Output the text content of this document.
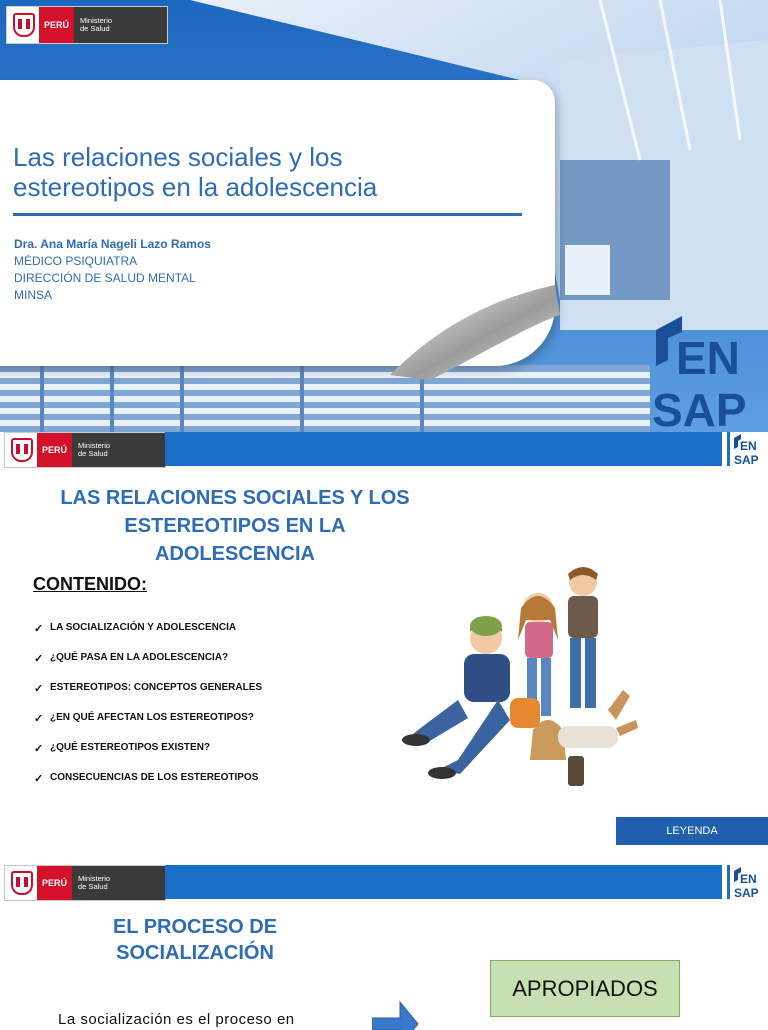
PERÚ	Ministerio
de Salud
Las relaciones sociales y los
estereotipos en la adolescencia
Dra. Ana María Nageli Lazo Ramos
MÉDICO PSIQUIATRA
DIRECCIÓN DE SALUD MENTAL
MINSA
EN
SAP
PERÚ	Ministerio
de Salud
EN
SAP
LAS RELACIONES SOCIALES Y LOS
ESTEREOTIPOS EN LA
ADOLESCENCIA
CONTENIDO:
✓ LA SOCIALIZACIÓN Y ADOLESCENCIA
✓ ¿QUÉ PASA EN LA ADOLESCENCIA?
✓ ESTEREOTIPOS: CONCEPTOS GENERALES
✓ ¿EN QUÉ AFECTAN LOS ESTEREOTIPOS?
✓ ¿QUÉ ESTEREOTIPOS EXISTEN?
✓ CONSECUENCIAS DE LOS ESTEREOTIPOS
LEYENDA
PERÚ	Ministerio
de Salud
EN
SAP
EL PROCESO DE
SOCIALIZACIÓN
APROPIADOS

La socialización es el proceso en
